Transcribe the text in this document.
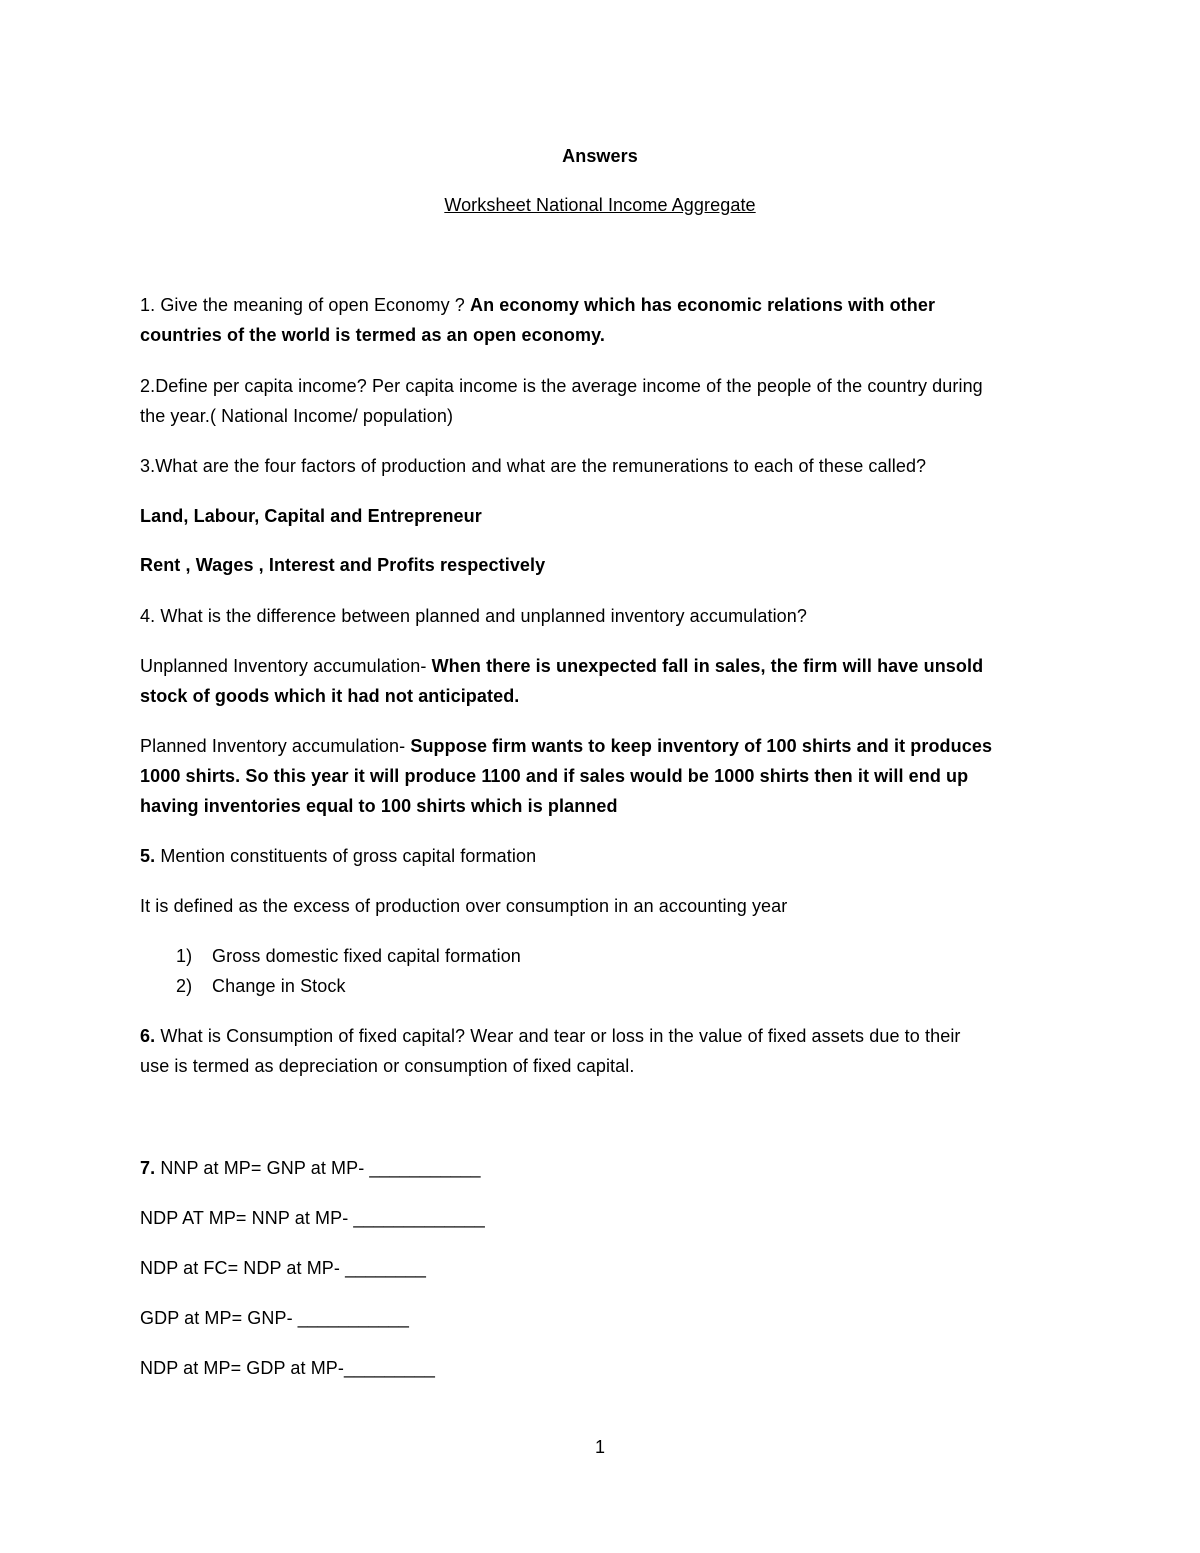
Answers
Worksheet National Income Aggregate
1. Give the meaning of open Economy ? An economy which has economic relations with other
countries of the world is termed as an open economy.
2.Define per capita income? Per capita income is the average income of the people of the country during
the year.( National Income/ population)
3.What are the four factors of production and what are the remunerations to each of these called?
Land, Labour, Capital and Entrepreneur
Rent , Wages , Interest and Profits respectively
4. What is the difference between planned and unplanned inventory accumulation?
Unplanned Inventory accumulation- When there is unexpected fall in sales, the firm will have unsold
stock of goods which it had not anticipated.
Planned Inventory accumulation- Suppose firm wants to keep inventory of 100 shirts and it produces
1000 shirts. So this year it will produce 1100 and if sales would be 1000 shirts then it will end up
having inventories equal to 100 shirts which is planned
5. Mention constituents of gross capital formation
It is defined as the excess of production over consumption in an accounting year
1) Gross domestic fixed capital formation
2) Change in Stock
6. What is Consumption of fixed capital? Wear and tear or loss in the value of fixed assets due to their
use is termed as depreciation or consumption of fixed capital.
7. NNP at MP= GNP at MP- ___________
NDP AT MP= NNP at MP- _____________
NDP at FC= NDP at MP- ________
GDP at MP= GNP- ___________
NDP at MP= GDP at MP-_________
1
